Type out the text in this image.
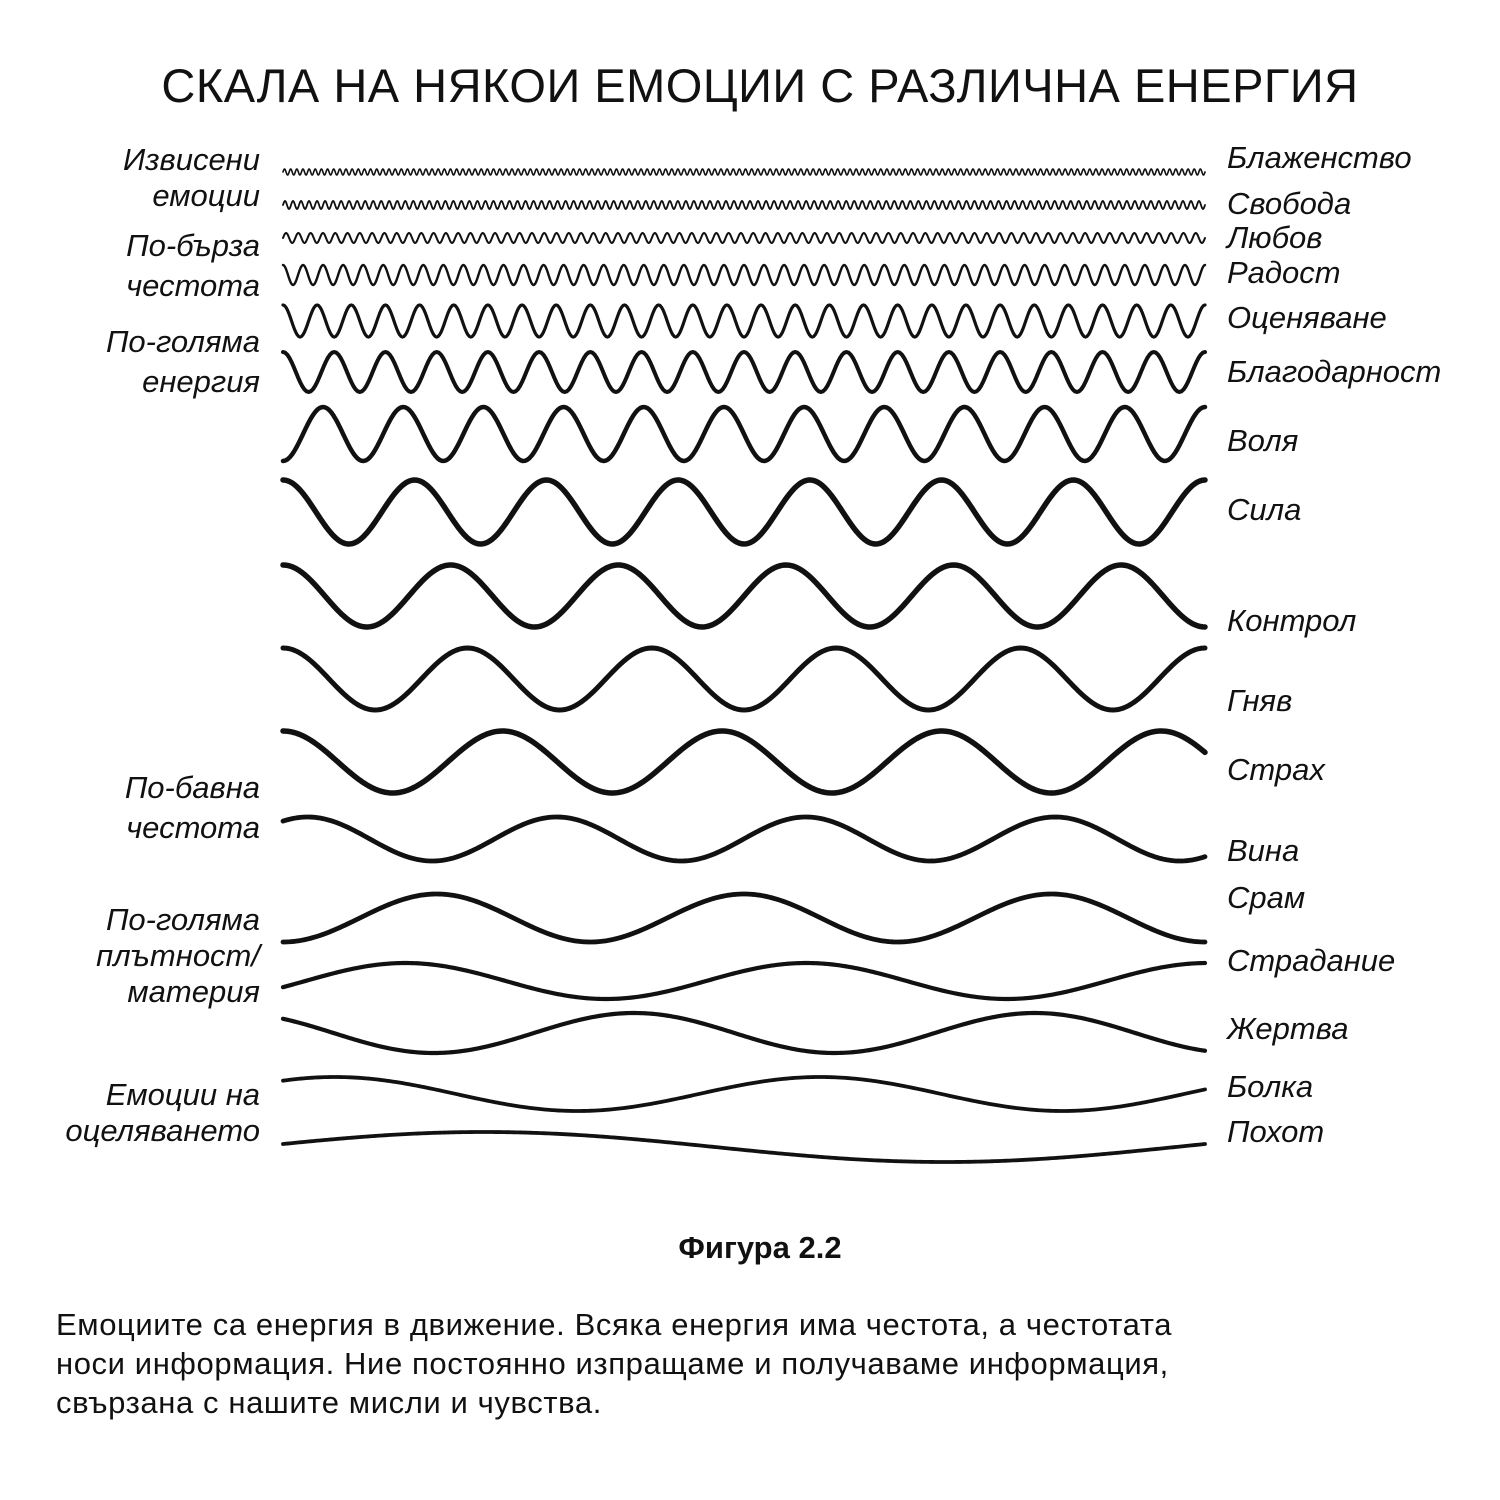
СКАЛА НА НЯКОИ ЕМОЦИИ С РАЗЛИЧНА ЕНЕРГИЯ
Извисени
емоции
По-бърза
честота
По-голяма
енергия
По-бавна
честота
По-голяма
плътност/
материя
Емоции на
оцеляването
Блаженство
Свобода
Любов
Радост
Оценяване
Благодарност
Воля
Сила
Контрол
Гняв
Страх
Вина
Срам
Страдание
Жертва
Болка
Похот
Фигура 2.2
Емоциите са енергия в движение. Всяка енергия има честота, а честотата
носи информация. Ние постоянно изпращаме и получаваме информация,
свързана с нашите мисли и чувства.
